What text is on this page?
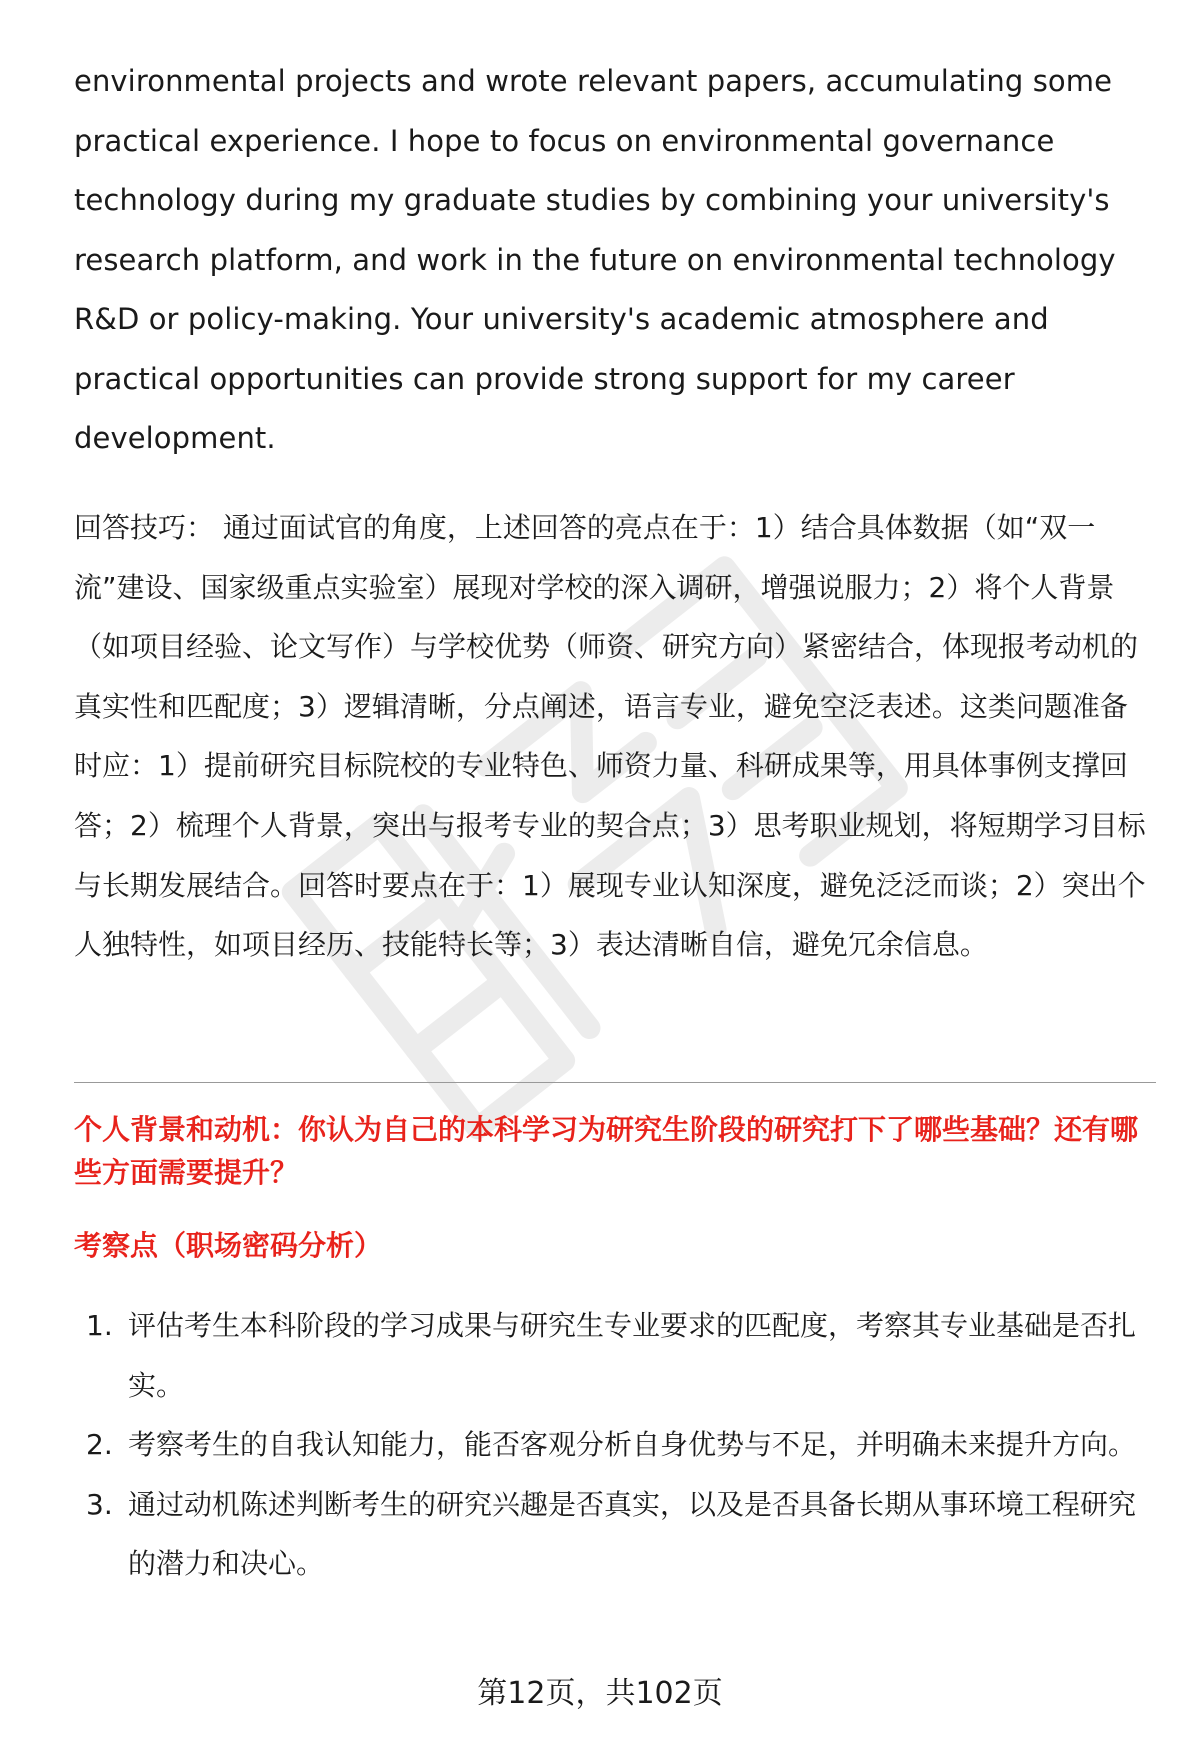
environmental projects and wrote relevant papers, accumulating some practical experience. I hope to focus on environmental governance technology during my graduate studies by combining your university's research platform, and work in the future on environmental technology R&D or policy-making. Your university's academic atmosphere and practical opportunities can provide strong support for my career development.

回答技巧： 通过面试官的角度，上述回答的亮点在于：1）结合具体数据（如“双一流”建设、国家级重点实验室）展现对学校的深入调研，增强说服力；2）将个人背景（如项目经验、论文写作）与学校优势（师资、研究方向）紧密结合，体现报考动机的真实性和匹配度；3）逻辑清晰，分点阐述，语言专业，避免空泛表述。这类问题准备时应：1）提前研究目标院校的专业特色、师资力量、科研成果等，用具体事例支撑回答；2）梳理个人背景，突出与报考专业的契合点；3）思考职业规划，将短期学习目标与长期发展结合。回答时要点在于：1）展现专业认知深度，避免泛泛而谈；2）突出个人独特性，如项目经历、技能特长等；3）表达清晰自信，避免冗余信息。

个人背景和动机：你认为自己的本科学习为研究生阶段的研究打下了哪些基础？还有哪些方面需要提升？

考察点（职场密码分析）

1. 评估考生本科阶段的学习成果与研究生专业要求的匹配度，考察其专业基础是否扎实。
2. 考察考生的自我认知能力，能否客观分析自身优势与不足，并明确未来提升方向。
3. 通过动机陈述判断考生的研究兴趣是否真实，以及是否具备长期从事环境工程研究的潜力和决心。
第12页，共102页
